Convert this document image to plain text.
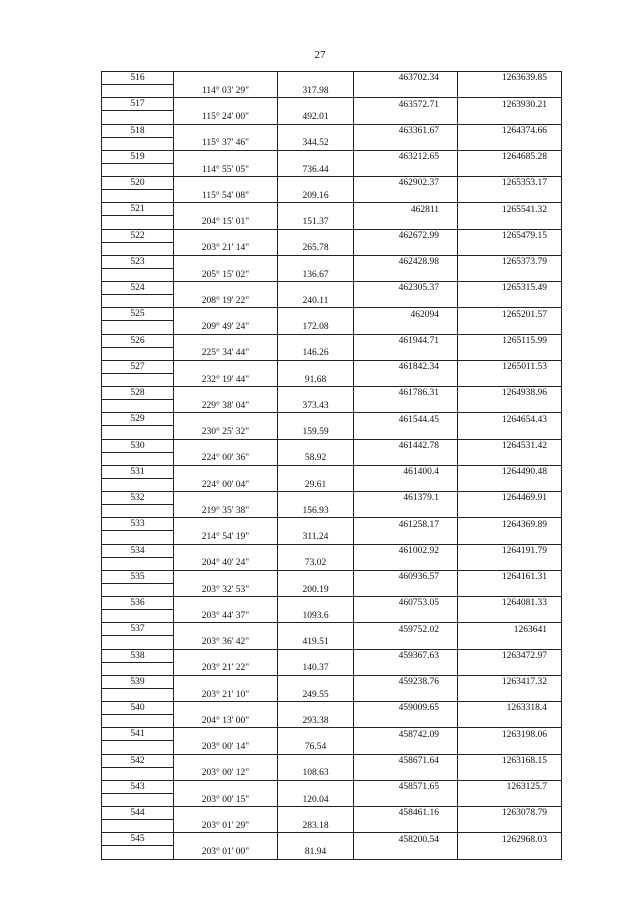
27
516			463702.34	1263639.85
	114° 03' 29"	317.98		
517			463572.71	1263930.21
	115° 24' 00"	492.01		
518			463361.67	1264374.66
	115° 37' 46"	344.52		
519			463212.65	1264685.28
	114° 55' 05"	736.44		
520			462902.37	1265353.17
	115° 54' 08"	209.16		
521			462811	1265541.32
	204° 15' 01"	151.37		
522			462672.99	1265479.15
	203° 21' 14"	265.78		
523			462428.98	1265373.79
	205° 15' 02"	136.67		
524			462305.37	1265315.49
	208° 19' 22"	240.11		
525			462094	1265201.57
	209° 49' 24"	172.08		
526			461944.71	1265115.99
	225° 34' 44"	146.26		
527			461842.34	1265011.53
	232° 19' 44"	91.68		
528			461786.31	1264938.96
	229° 38' 04"	373.43		
529			461544.45	1264654.43
	230° 25' 32"	159.59		
530			461442.78	1264531.42
	224° 00' 36"	58.92		
531			461400.4	1264490.48
	224° 00' 04"	29.61		
532			461379.1	1264469.91
	219° 35' 38"	156.93		
533			461258.17	1264369.89
	214° 54' 19"	311.24		
534			461002.92	1264191.79
	204° 40' 24"	73.02		
535			460936.57	1264161.31
	203° 32' 53"	200.19		
536			460753.05	1264081.33
	203° 44' 37"	1093.6		
537			459752.02	1263641
	203° 36' 42"	419.51		
538			459367.63	1263472.97
	203° 21' 22"	140.37		
539			459238.76	1263417.32
	203° 21' 10"	249.55		
540			459009.65	1263318.4
	204° 13' 00"	293.38		
541			458742.09	1263198.06
	203° 00' 14"	76.54		
542			458671.64	1263168.15
	203° 00' 12"	108.63		
543			458571.65	1263125.7
	203° 00' 15"	120.04		
544			458461.16	1263078.79
	203° 01' 29"	283.18		
545			458200.54	1262968.03
	203° 01' 00"	81.94		
